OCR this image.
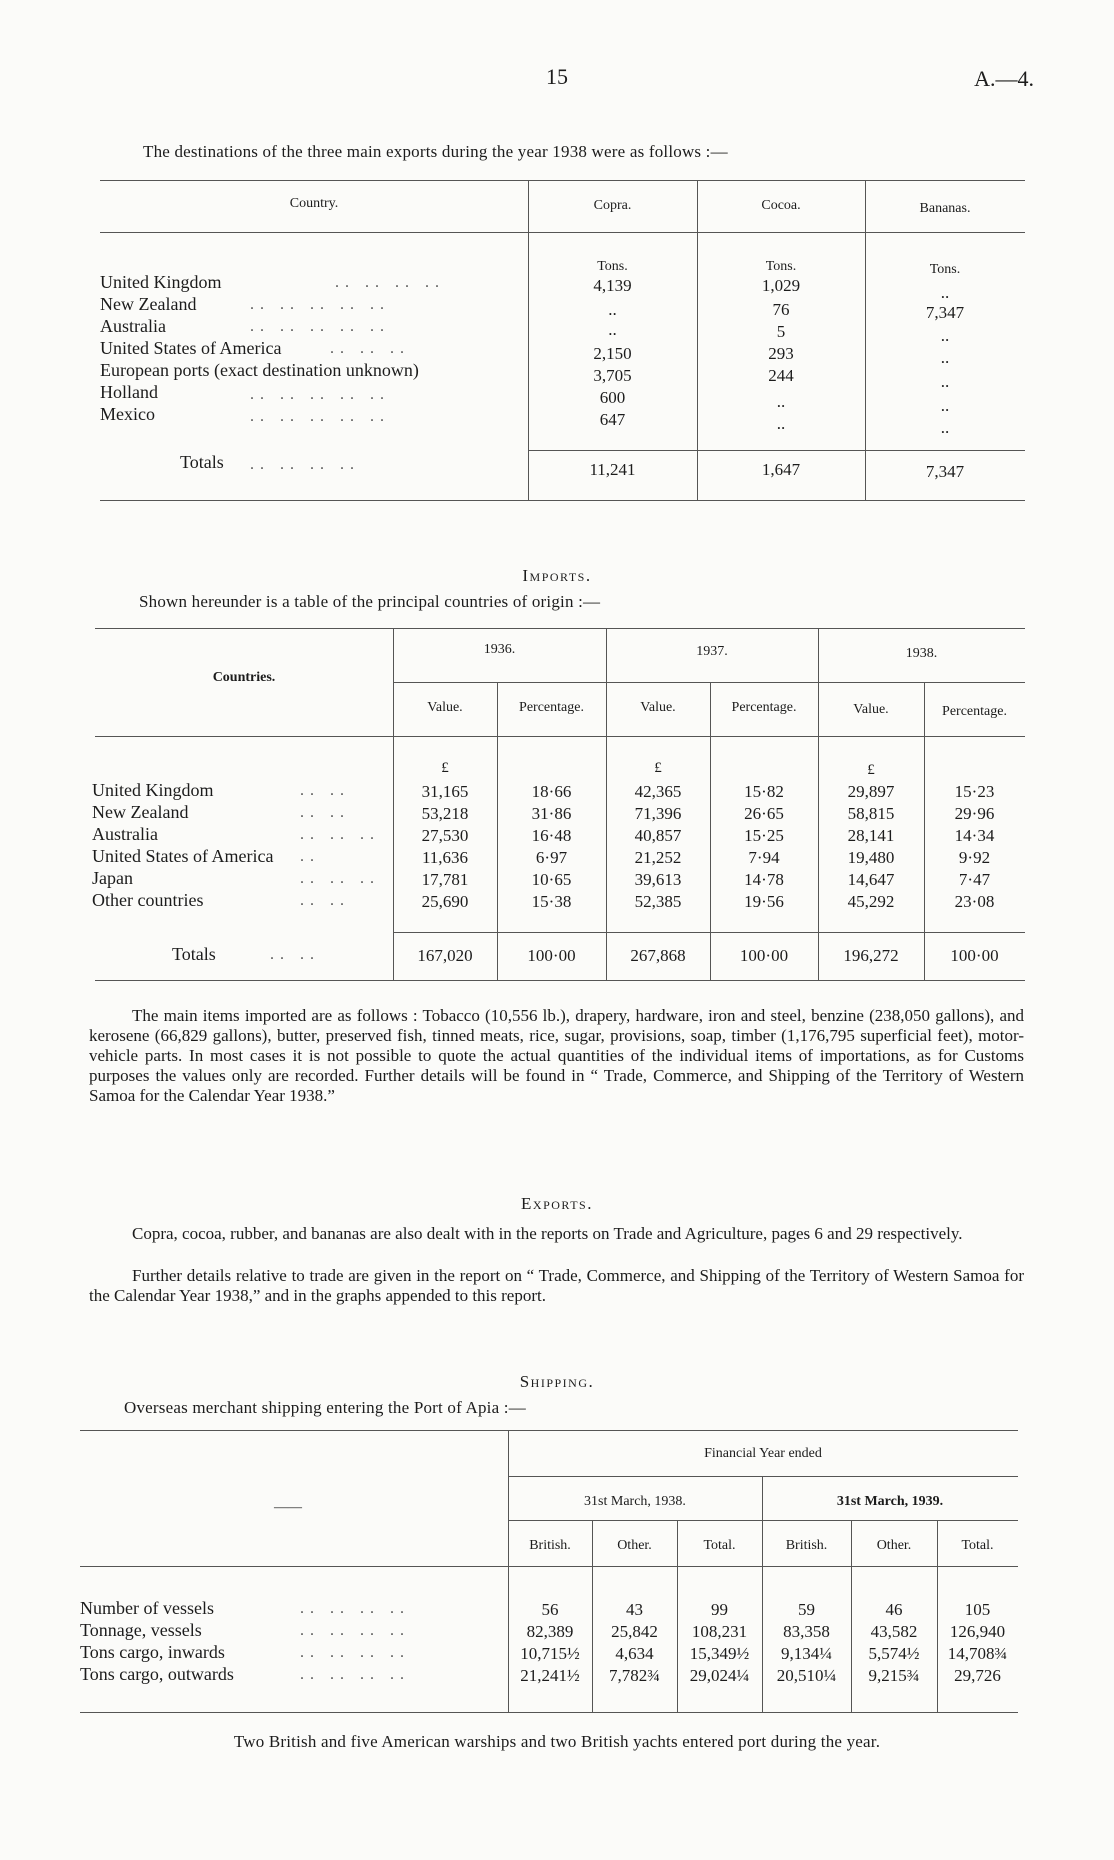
15	A.—4.
The destinations of the three main exports during the year 1938 were as follows :—
Country.	Copra.	Cocoa.	Bananas.
Tons.	Tons.	Tons.
United Kingdom	.. .. .. ..	4,139	1,029	..
New Zealand	.. .. .. .. ..	..	76	7,347
Australia	.. .. .. .. ..	..	5	..
United States of America	.. .. ..	2,150	293	..
European ports (exact destination unknown)	3,705	244	..
Holland	.. .. .. .. ..	600	..	..
Mexico	.. .. .. .. ..	647	..	..
Totals .. .. .. ..	11,241	1,647	7,347
Imports.
Shown hereunder is a table of the principal countries of origin :—
Countries.
1936.	1937.	1938.
Value.	Percentage.	Value.	Percentage.	Value.	Percentage.
£	£	£
United Kingdom	.. ..	31,165	18·66	42,365	15·82	29,897	15·23
New Zealand	.. ..	53,218	31·86	71,396	26·65	58,815	29·96
Australia	.. .. ..	27,530	16·48	40,857	15·25	28,141	14·34
United States of America ..	11,636	6·97	21,252	7·94	19,480	9·92
Japan	.. .. ..	17,781	10·65	39,613	14·78	14,647	7·47
Other countries	.. ..	25,690	15·38	52,385	19·56	45,292	23·08
Totals	.. ..	167,020	100·00	267,868	100·00	196,272	100·00
The main items imported are as follows : Tobacco (10,556 lb.), drapery, hardware, iron and steel, benzine (238,050 gallons), and kerosene (66,829 gallons), butter, preserved fish, tinned meats, rice, sugar, provisions, soap, timber (1,176,795 superficial feet), motor-vehicle parts. In most cases it is not possible to quote the actual quantities of the individual items of importations, as for Customs purposes the values only are recorded. Further details will be found in “ Trade, Commerce, and Shipping of the Territory of Western Samoa for the Calendar Year 1938.”
Exports.
Copra, cocoa, rubber, and bananas are also dealt with in the reports on Trade and Agriculture, pages 6 and 29 respectively.
Further details relative to trade are given in the report on “ Trade, Commerce, and Shipping of the Territory of Western Samoa for the Calendar Year 1938,” and in the graphs appended to this report.
Shipping.
Overseas merchant shipping entering the Port of Apia :—
——
Financial Year ended
31st March, 1938.	31st March, 1939.
British.	Other.	Total.	British.	Other.	Total.
Number of vessels	.. .. .. ..	56	43	99	59	46	105
Tonnage, vessels	.. .. .. ..	82,389	25,842	108,231	83,358	43,582	126,940
Tons cargo, inwards	.. .. .. ..	10,715½	4,634	15,349½	9,134¼	5,574½	14,708¾
Tons cargo, outwards	.. .. .. ..	21,241½	7,782¾	29,024¼	20,510¼	9,215¾	29,726
Two British and five American warships and two British yachts entered port during the year.
